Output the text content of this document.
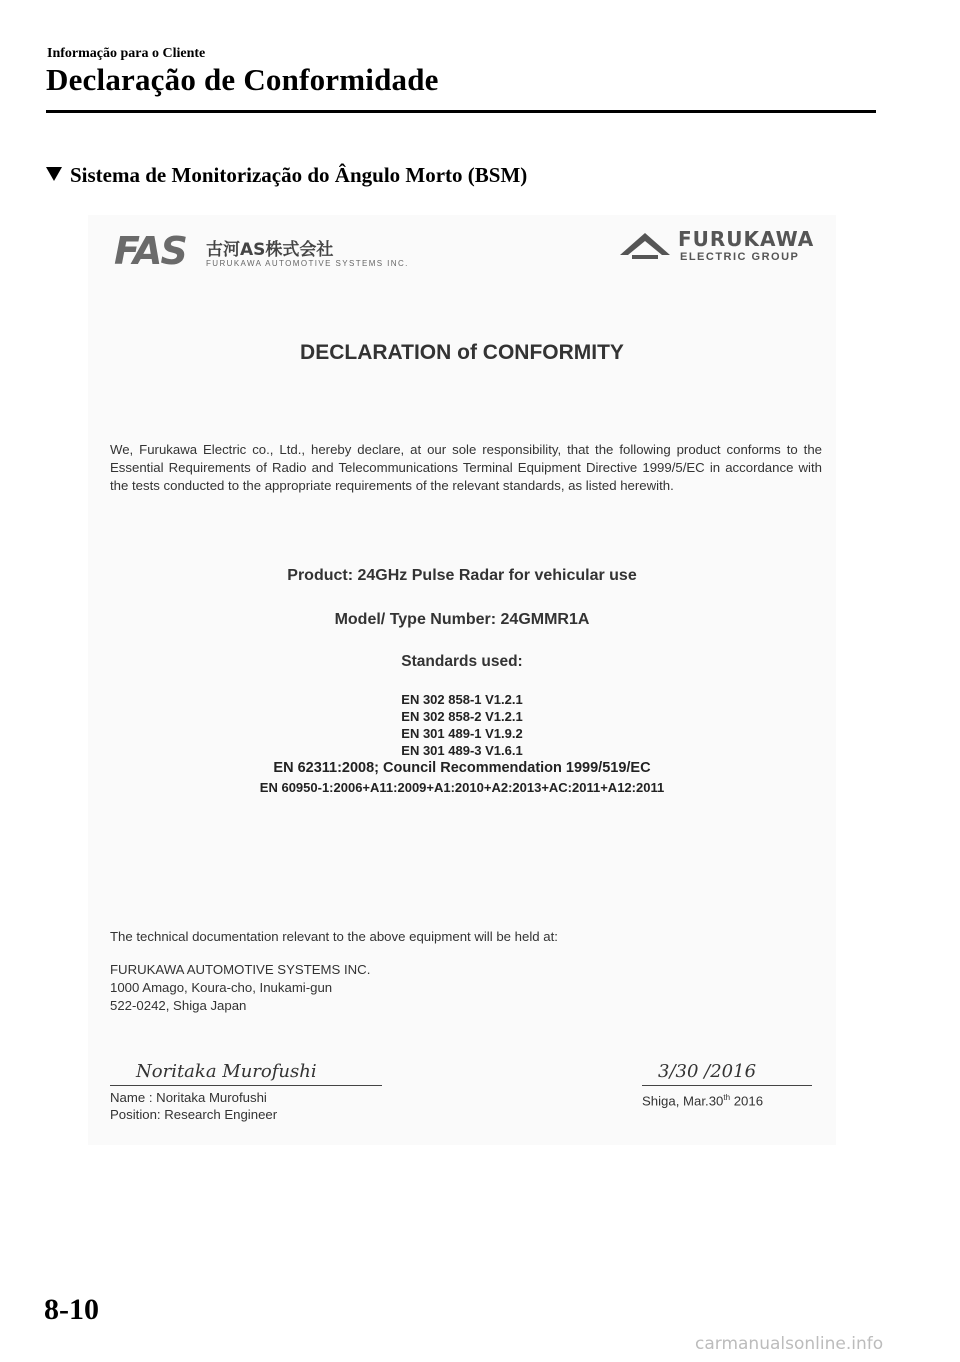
Informação para o Cliente
Declaração de Conformidade
Sistema de Monitorização do Ângulo Morto (BSM)
FAS 古河AS株式会社
FURUKAWA AUTOMOTIVE SYSTEMS INC.
FURUKAWA
ELECTRIC GROUP
DECLARATION of CONFORMITY
We, Furukawa Electric co., Ltd., hereby declare, at our sole responsibility, that the following product conforms to the Essential Requirements of Radio and Telecommunications Terminal Equipment Directive 1999/5/EC in accordance with the tests conducted to the appropriate requirements of the relevant standards, as listed herewith.
Product: 24GHz Pulse Radar for vehicular use
Model/ Type Number: 24GMMR1A
Standards used:
EN 302 858-1 V1.2.1
EN 302 858-2 V1.2.1
EN 301 489-1 V1.9.2
EN 301 489-3 V1.6.1
EN 62311:2008; Council Recommendation 1999/519/EC
EN 60950-1:2006+A11:2009+A1:2010+A2:2013+AC:2011+A12:2011
The technical documentation relevant to the above equipment will be held at:
FURUKAWA AUTOMOTIVE SYSTEMS INC.
1000 Amago, Koura-cho, Inukami-gun
522-0242, Shiga Japan
Noritaka Murofushi
Name : Noritaka Murofushi
Position: Research Engineer
3/30 /2016
Shiga, Mar.30th 2016
8-10
carmanualsonline.info
